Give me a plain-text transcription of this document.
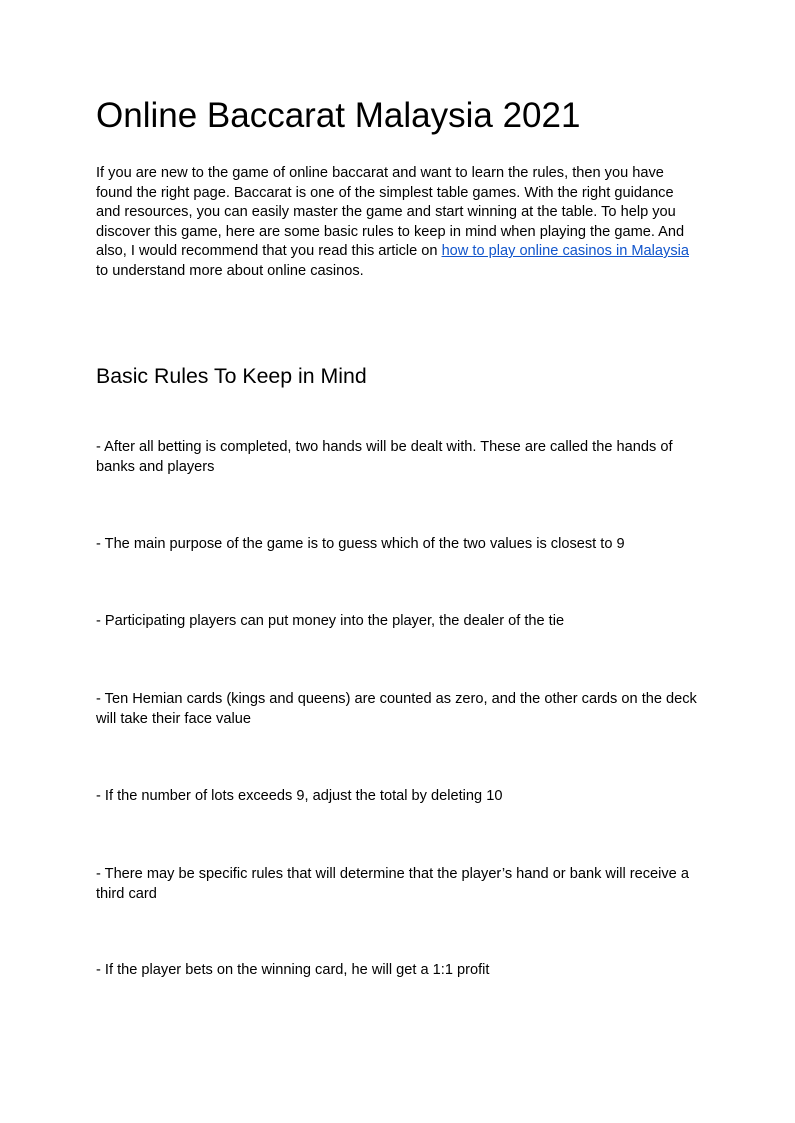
Online Baccarat Malaysia 2021

If you are new to the game of online baccarat and want to learn the rules, then you have found the right page. Baccarat is one of the simplest table games. With the right guidance and resources, you can easily master the game and start winning at the table. To help you discover this game, here are some basic rules to keep in mind when playing the game. And also, I would recommend that you read this article on how to play online casinos in Malaysia to understand more about online casinos.

Basic Rules To Keep in Mind

- After all betting is completed, two hands will be dealt with. These are called the hands of banks and players

- The main purpose of the game is to guess which of the two values is closest to 9

- Participating players can put money into the player, the dealer of the tie

- Ten Hemian cards (kings and queens) are counted as zero, and the other cards on the deck will take their face value

- If the number of lots exceeds 9, adjust the total by deleting 10

- There may be specific rules that will determine that the player’s hand or bank will receive a third card

- If the player bets on the winning card, he will get a 1:1 profit
